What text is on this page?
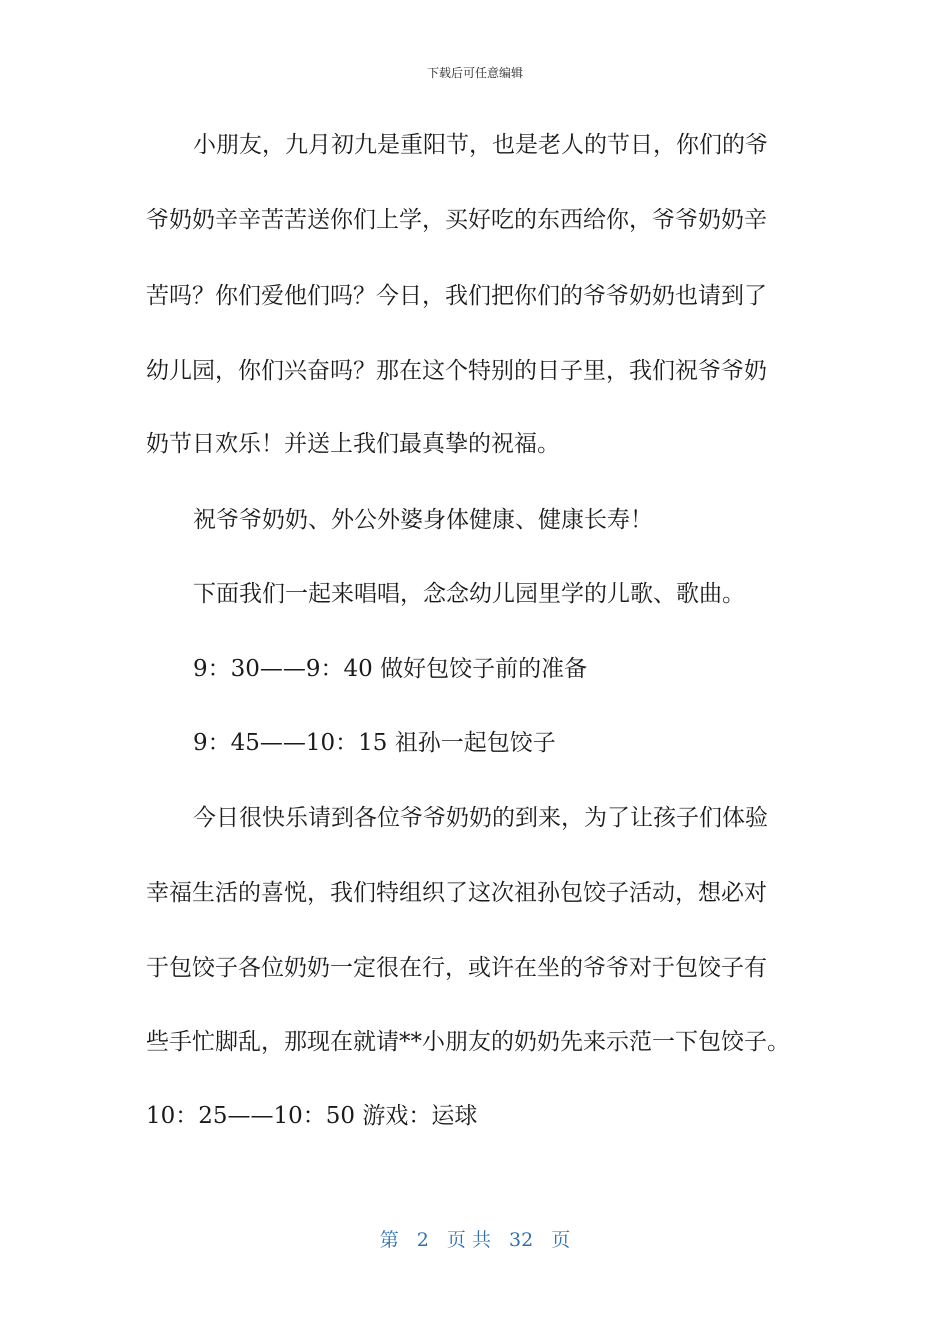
下载后可任意编辑
小朋友，九月初九是重阳节，也是老人的节日，你们的爷
爷奶奶辛辛苦苦送你们上学，买好吃的东西给你，爷爷奶奶辛
苦吗？你们爱他们吗？今日，我们把你们的爷爷奶奶也请到了
幼儿园，你们兴奋吗？那在这个特别的日子里，我们祝爷爷奶
奶节日欢乐！并送上我们最真挚的祝福。
祝爷爷奶奶、外公外婆身体健康、健康长寿！
下面我们一起来唱唱，念念幼儿园里学的儿歌、歌曲。
9：30——9：40 做好包饺子前的准备
9：45——10：15 祖孙一起包饺子
今日很快乐请到各位爷爷奶奶的到来，为了让孩子们体验
幸福生活的喜悦，我们特组织了这次祖孙包饺子活动，想必对
于包饺子各位奶奶一定很在行，或许在坐的爷爷对于包饺子有
些手忙脚乱，那现在就请**小朋友的奶奶先来示范一下包饺子。
10：25——10：50 游戏：运球
第 2 页 共 32 页
